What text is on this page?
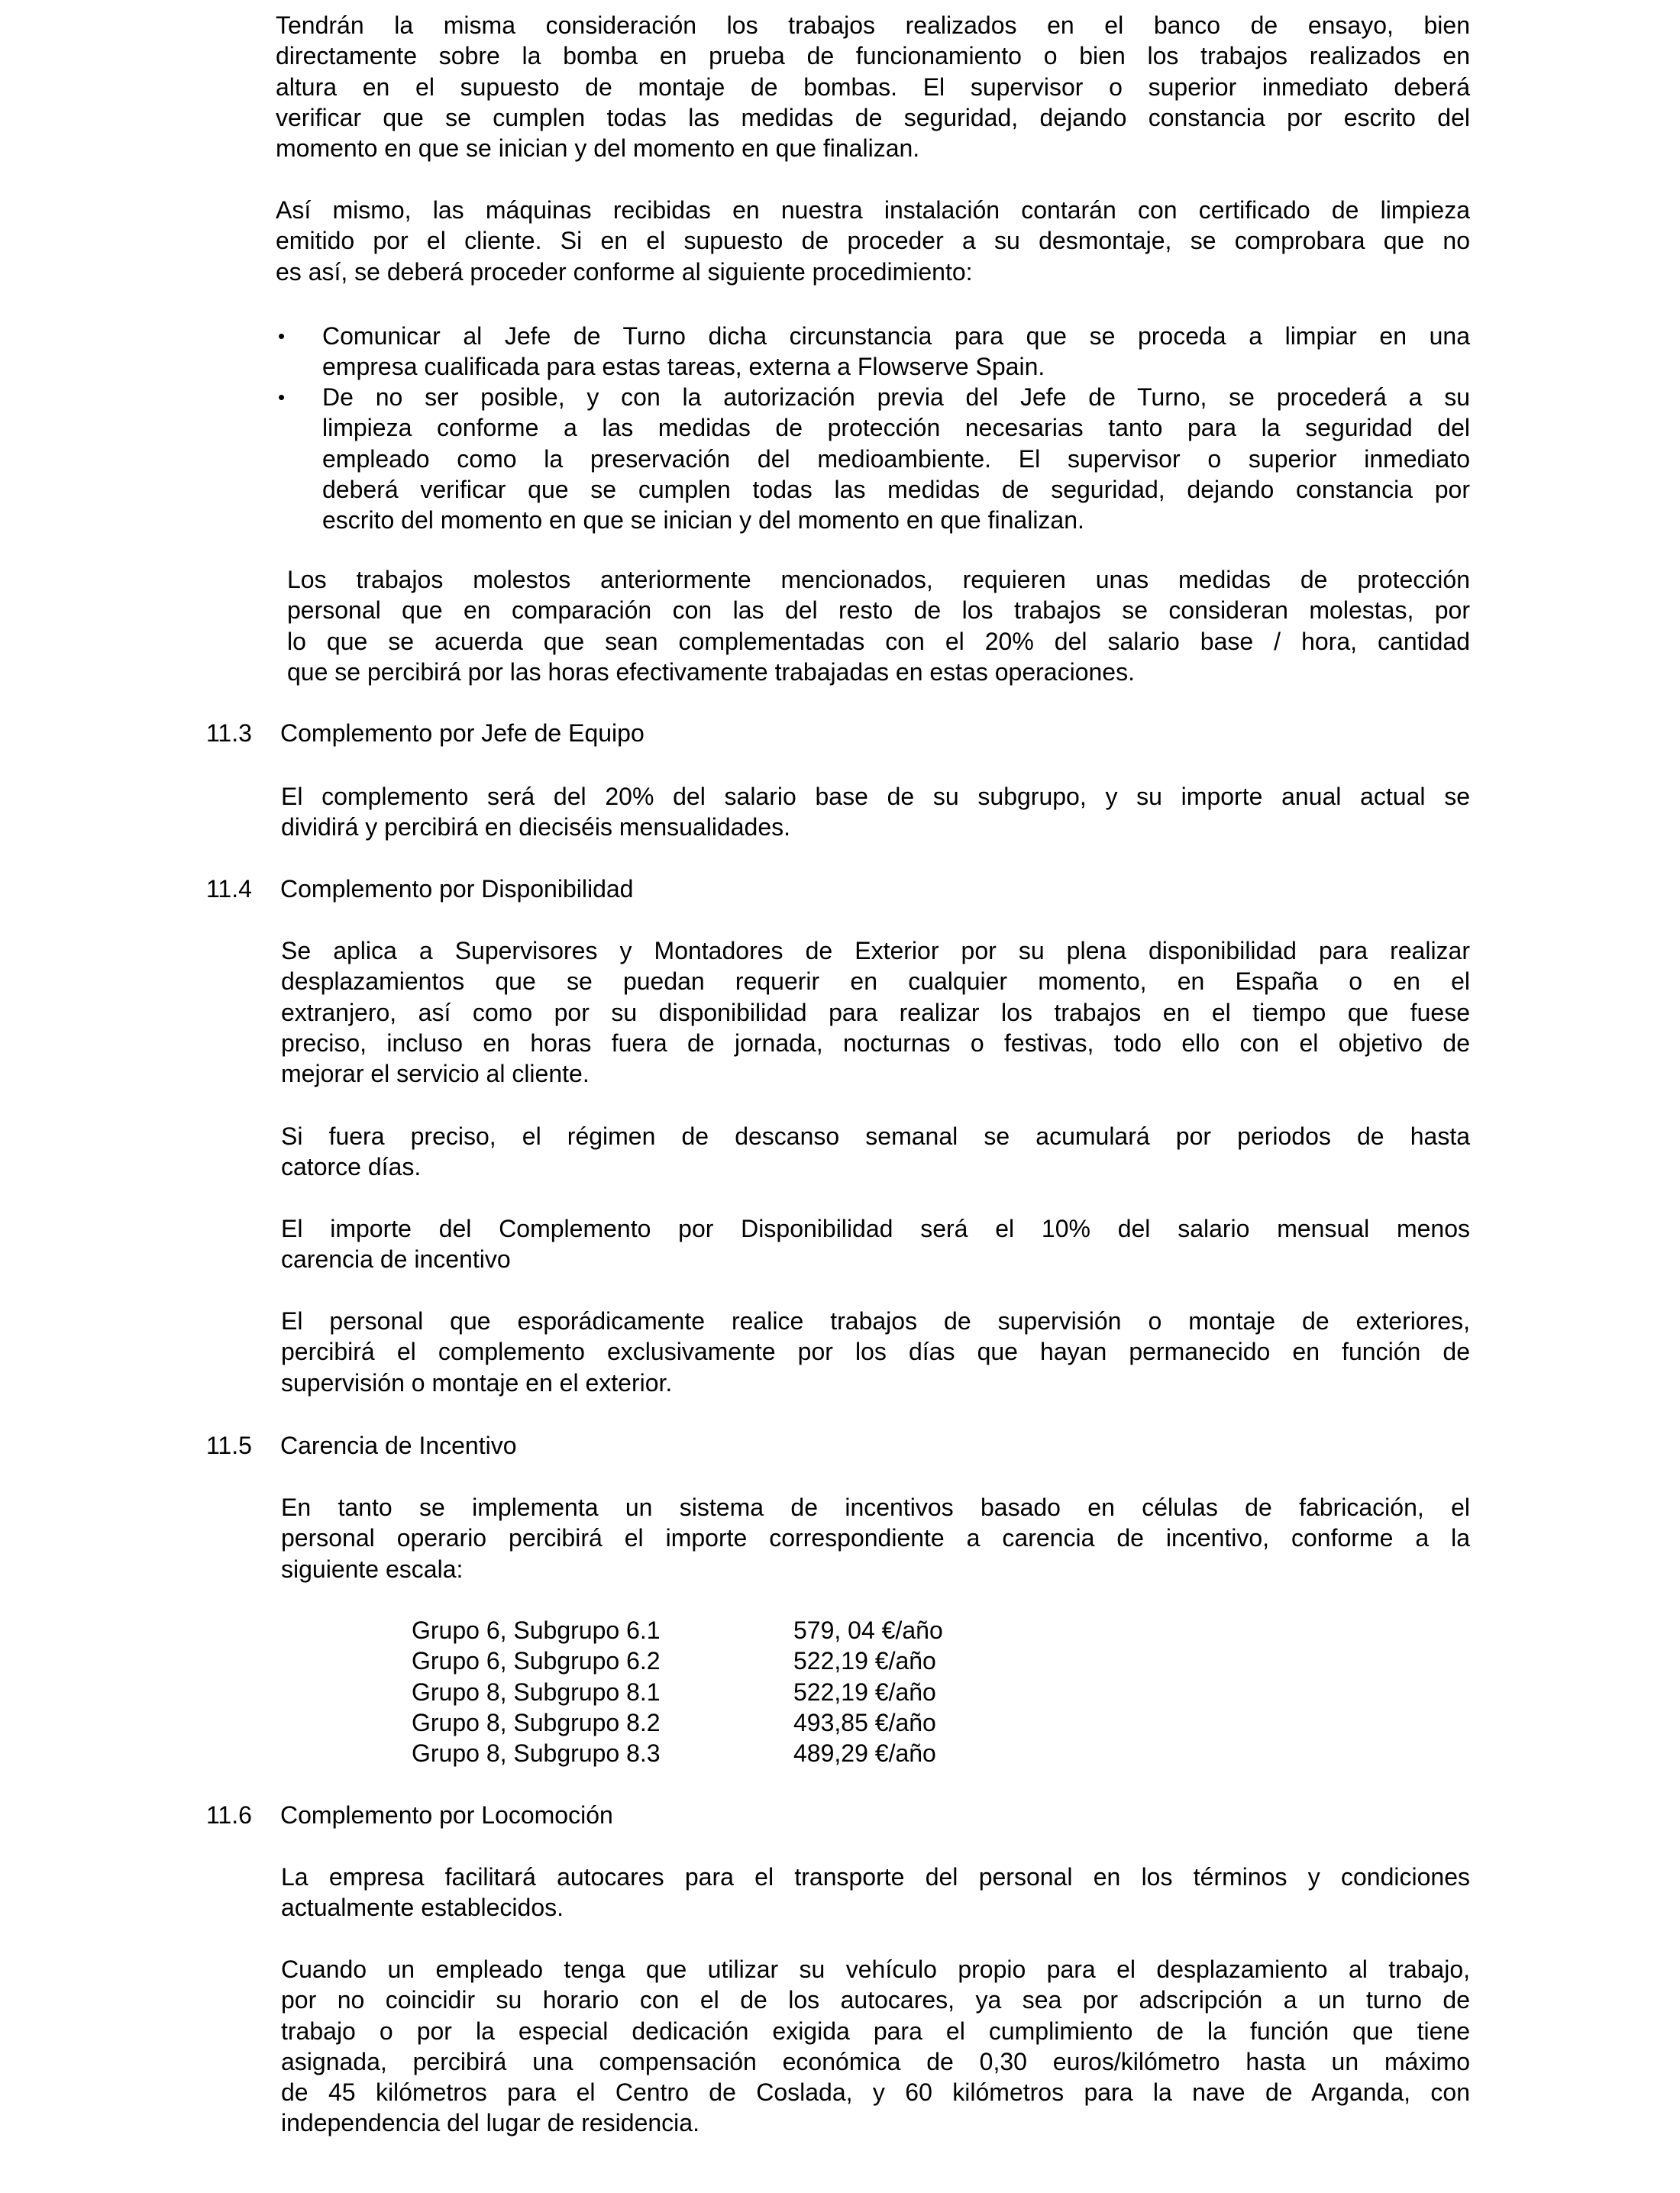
Tendrán la misma consideración los trabajos realizados en el banco de ensayo, bien
directamente sobre la bomba en prueba de funcionamiento o bien los trabajos realizados en
altura en el supuesto de montaje de bombas. El supervisor o superior inmediato deberá
verificar que se cumplen todas las medidas de seguridad, dejando constancia por escrito del
momento en que se inician y del momento en que finalizan.
Así mismo, las máquinas recibidas en nuestra instalación contarán con certificado de limpieza
emitido por el cliente. Si en el supuesto de proceder a su desmontaje, se comprobara que no
es así, se deberá proceder conforme al siguiente procedimiento:
• Comunicar al Jefe de Turno dicha circunstancia para que se proceda a limpiar en una
empresa cualificada para estas tareas, externa a Flowserve Spain.
• De no ser posible, y con la autorización previa del Jefe de Turno, se procederá a su
limpieza conforme a las medidas de protección necesarias tanto para la seguridad del
empleado como la preservación del medioambiente. El supervisor o superior inmediato
deberá verificar que se cumplen todas las medidas de seguridad, dejando constancia por
escrito del momento en que se inician y del momento en que finalizan.
Los trabajos molestos anteriormente mencionados, requieren unas medidas de protección
personal que en comparación con las del resto de los trabajos se consideran molestas, por
lo que se acuerda que sean complementadas con el 20% del salario base / hora, cantidad
que se percibirá por las horas efectivamente trabajadas en estas operaciones.
11.3 Complemento por Jefe de Equipo
El complemento será del 20% del salario base de su subgrupo, y su importe anual actual se
dividirá y percibirá en dieciséis mensualidades.
11.4 Complemento por Disponibilidad
Se aplica a Supervisores y Montadores de Exterior por su plena disponibilidad para realizar
desplazamientos que se puedan requerir en cualquier momento, en España o en el
extranjero, así como por su disponibilidad para realizar los trabajos en el tiempo que fuese
preciso, incluso en horas fuera de jornada, nocturnas o festivas, todo ello con el objetivo de
mejorar el servicio al cliente.
Si fuera preciso, el régimen de descanso semanal se acumulará por periodos de hasta
catorce días.
El importe del Complemento por Disponibilidad será el 10% del salario mensual menos
carencia de incentivo
El personal que esporádicamente realice trabajos de supervisión o montaje de exteriores,
percibirá el complemento exclusivamente por los días que hayan permanecido en función de
supervisión o montaje en el exterior.
11.5 Carencia de Incentivo
En tanto se implementa un sistema de incentivos basado en células de fabricación, el
personal operario percibirá el importe correspondiente a carencia de incentivo, conforme a la
siguiente escala:
Grupo 6, Subgrupo 6.1	579, 04 €/año
Grupo 6, Subgrupo 6.2	522,19 €/año
Grupo 8, Subgrupo 8.1	522,19 €/año
Grupo 8, Subgrupo 8.2	493,85 €/año
Grupo 8, Subgrupo 8.3	489,29 €/año
11.6 Complemento por Locomoción
La empresa facilitará autocares para el transporte del personal en los términos y condiciones
actualmente establecidos.
Cuando un empleado tenga que utilizar su vehículo propio para el desplazamiento al trabajo,
por no coincidir su horario con el de los autocares, ya sea por adscripción a un turno de
trabajo o por la especial dedicación exigida para el cumplimiento de la función que tiene
asignada, percibirá una compensación económica de 0,30 euros/kilómetro hasta un máximo
de 45 kilómetros para el Centro de Coslada, y 60 kilómetros para la nave de Arganda, con
independencia del lugar de residencia.
